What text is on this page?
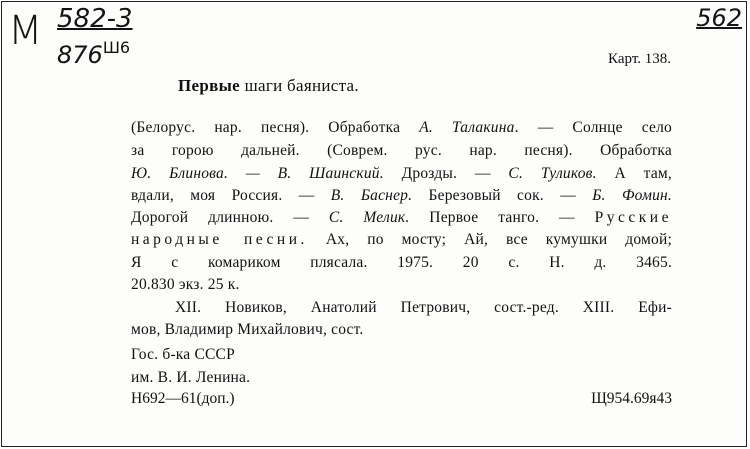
М 582-3
$876^{Ш6}$
562
Карт. 138.
Первые шаги баяниста.
(Белорус. нар. песня). Обработка А. Талакина. — Солнце село
за горою дальней. (Соврем. рус. нар. песня). Обработка
Ю. Блинова. — В. Шаинский. Дрозды. — С. Туликов. А там,
вдали, моя Россия. — В. Баснер. Березовый сок. — Б. Фомин.
Дорогой длинною. — С. Мелик. Первое танго. — Русские
народные песни. Ах, по мосту; Ай, все кумушки домой;
Я с комариком плясала. 1975. 20 с. Н. д. 3465.
20.830 экз. 25 к.
XII. Новиков, Анатолий Петрович, сост.-ред. XIII. Ефи-
мов, Владимир Михайлович, сост.
Гос. б-ка СССР
им. В. И. Ленина.
Н692—61(доп.)	Щ954.69я43
